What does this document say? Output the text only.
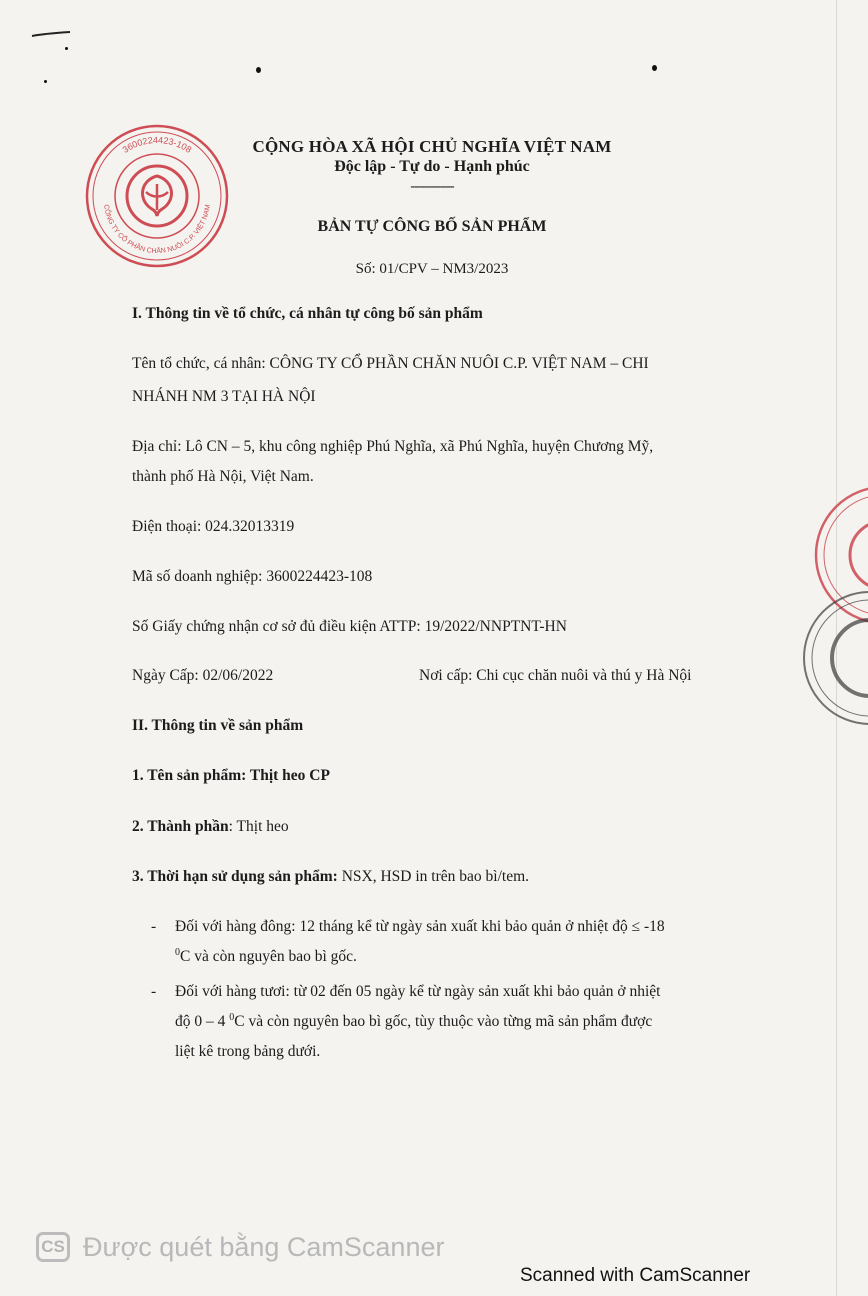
3600224423-108
CÔNG TY CỔ PHẦN CHĂN NUÔI C.P. VIỆT NAM
CỘNG HÒA XÃ HỘI CHỦ NGHĨA VIỆT NAM
Độc lập - Tự do - Hạnh phúc
-------------
BẢN TỰ CÔNG BỐ SẢN PHẨM
Số: 01/CPV – NM3/2023
I. Thông tin về tổ chức, cá nhân tự công bố sản phẩm
Tên tổ chức, cá nhân: CÔNG TY CỔ PHẦN CHĂN NUÔI C.P. VIỆT NAM – CHI
NHÁNH NM 3 TẠI HÀ NỘI
Địa chỉ: Lô CN – 5, khu công nghiệp Phú Nghĩa, xã Phú Nghĩa, huyện Chương Mỹ,
thành phố Hà Nội, Việt Nam.
Điện thoại: 024.32013319
Mã số doanh nghiệp: 3600224423-108
Số Giấy chứng nhận cơ sở đủ điều kiện ATTP: 19/2022/NNPTNT-HN
Ngày Cấp: 02/06/2022	Nơi cấp: Chi cục chăn nuôi và thú y Hà Nội
II. Thông tin về sản phẩm
1. Tên sản phẩm: Thịt heo CP
2. Thành phần: Thịt heo
3. Thời hạn sử dụng sản phẩm: NSX, HSD in trên bao bì/tem.
- Đối với hàng đông: 12 tháng kể từ ngày sản xuất khi bảo quản ở nhiệt độ ≤ -18
$^0$C và còn nguyên bao bì gốc.
- Đối với hàng tươi: từ 02 đến 05 ngày kể từ ngày sản xuất khi bảo quản ở nhiệt
độ 0 – 4 $^0$C và còn nguyên bao bì gốc, tùy thuộc vào từng mã sản phẩm được
liệt kê trong bảng dưới.
CS Được quét bằng CamScanner
Scanned with CamScanner
